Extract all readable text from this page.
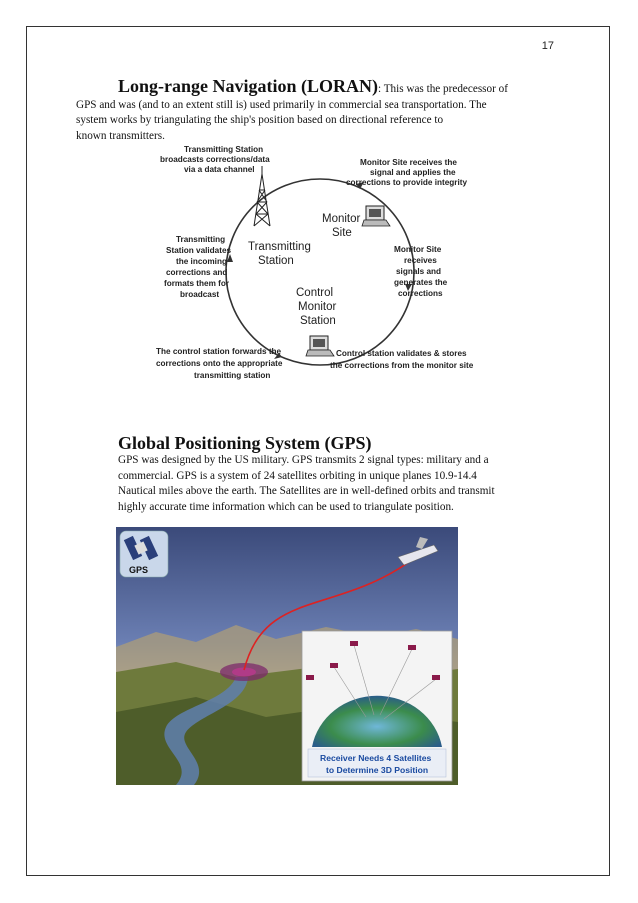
17
Long-range Navigation (LORAN): This was the predecessor of
GPS and was (and to an extent still is) used primarily in commercial sea transportation. The
system works by triangulating the ship's position based on directional reference to
known transmitters.
Transmitting Station broadcasts corrections/data via a data channel
Monitor Site receives the signal and applies the corrections to provide integrity
Monitor Site
Transmitting Station
Control Monitor Station
Transmitting Station validates the incoming corrections and formats them for broadcast
Monitor Site receives signals and generates the corrections
The control station forwards the corrections onto the appropriate transmitting station
Control station validates & stores the corrections from the monitor site
Global Positioning System (GPS)
GPS was designed by the US military. GPS transmits 2 signal types: military and a
commercial. GPS is a system of 24 satellites orbiting in unique planes 10.9-14.4
Nautical miles above the earth. The Satellites are in well-defined orbits and transmit
highly accurate time information which can be used to triangulate position.
GPS
Receiver Needs 4 Satellites to Determine 3D Position
